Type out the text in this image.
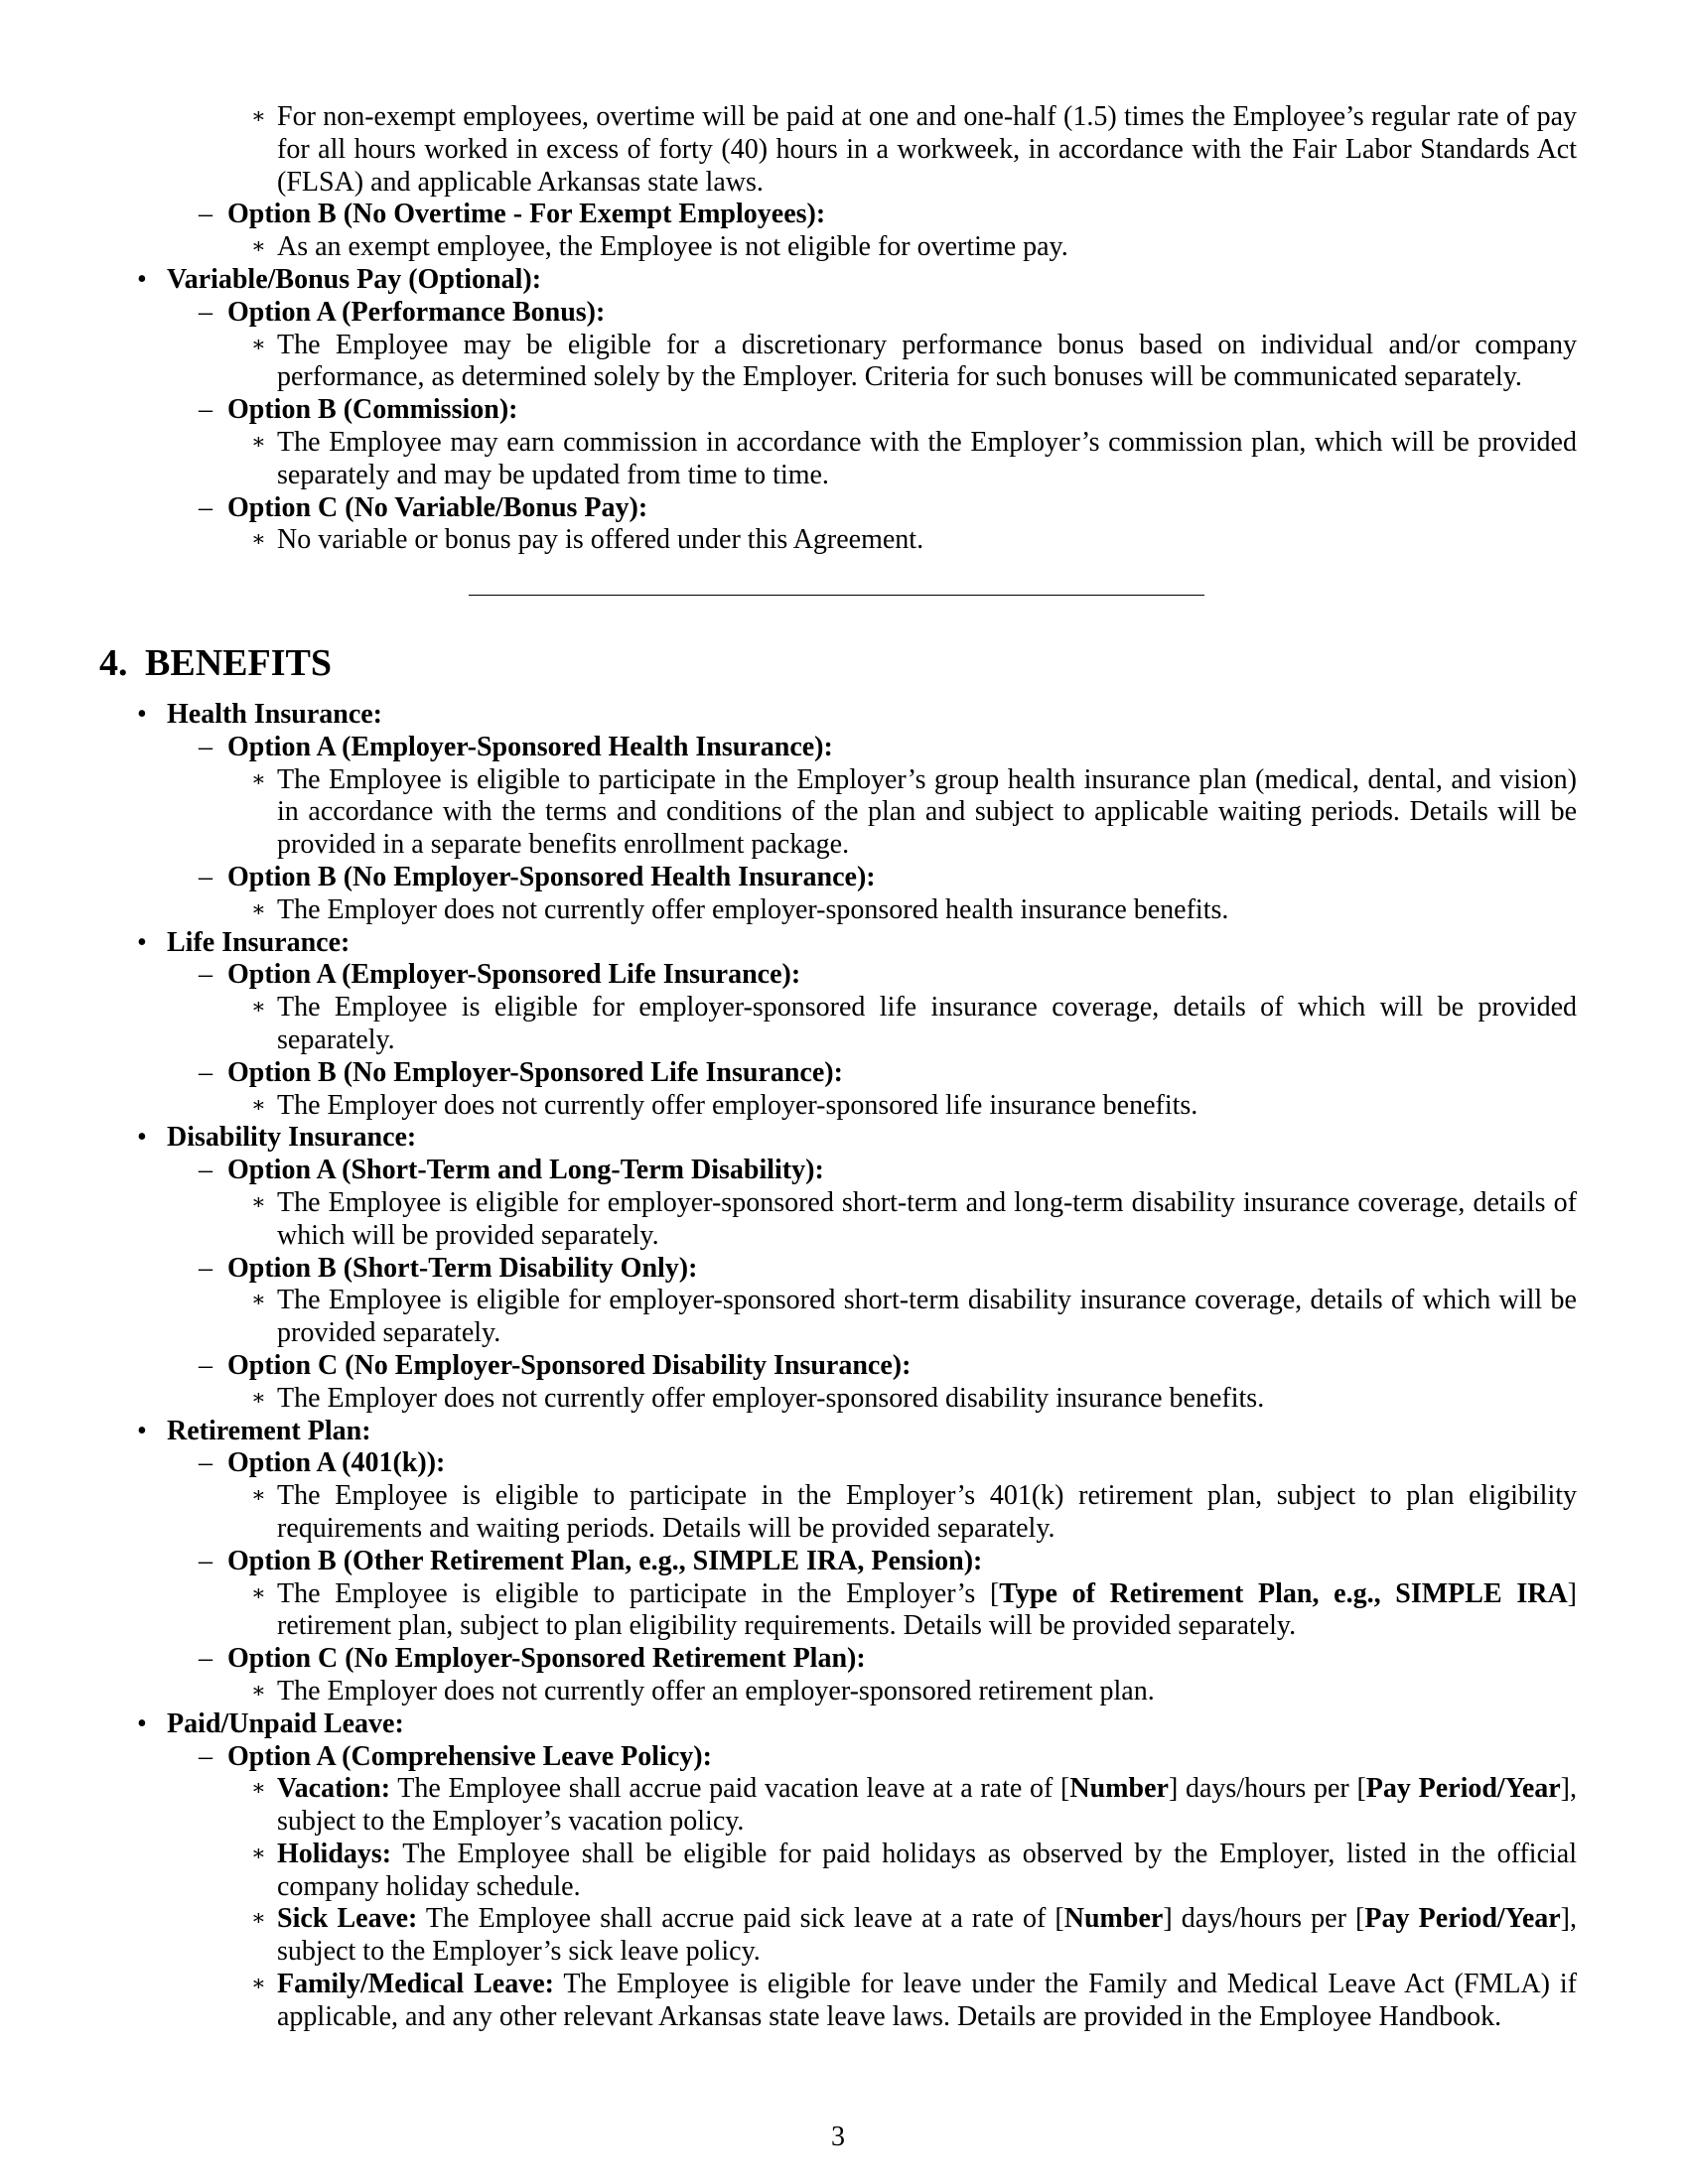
∗ For non-exempt employees, overtime will be paid at one and one-half (1.5) times the Employee’s regular rate of pay for all hours worked in excess of forty (40) hours in a workweek, in accordance with the Fair Labor Standards Act (FLSA) and applicable Arkansas state laws.
– Option B (No Overtime - For Exempt Employees):
∗ As an exempt employee, the Employee is not eligible for overtime pay.
• Variable/Bonus Pay (Optional):
– Option A (Performance Bonus):
∗ The Employee may be eligible for a discretionary performance bonus based on individual and/or company performance, as determined solely by the Employer. Criteria for such bonuses will be communicated separately.
– Option B (Commission):
∗ The Employee may earn commission in accordance with the Employer’s commission plan, which will be provided separately and may be updated from time to time.
– Option C (No Variable/Bonus Pay):
∗ No variable or bonus pay is offered under this Agreement.
4. BENEFITS
• Health Insurance:
– Option A (Employer-Sponsored Health Insurance):
∗ The Employee is eligible to participate in the Employer’s group health insurance plan (medical, dental, and vision) in accordance with the terms and conditions of the plan and subject to applicable waiting periods. Details will be provided in a separate benefits enrollment package.
– Option B (No Employer-Sponsored Health Insurance):
∗ The Employer does not currently offer employer-sponsored health insurance benefits.
• Life Insurance:
– Option A (Employer-Sponsored Life Insurance):
∗ The Employee is eligible for employer-sponsored life insurance coverage, details of which will be provided separately.
– Option B (No Employer-Sponsored Life Insurance):
∗ The Employer does not currently offer employer-sponsored life insurance benefits.
• Disability Insurance:
– Option A (Short-Term and Long-Term Disability):
∗ The Employee is eligible for employer-sponsored short-term and long-term disability insurance coverage, details of which will be provided separately.
– Option B (Short-Term Disability Only):
∗ The Employee is eligible for employer-sponsored short-term disability insurance coverage, details of which will be provided separately.
– Option C (No Employer-Sponsored Disability Insurance):
∗ The Employer does not currently offer employer-sponsored disability insurance benefits.
• Retirement Plan:
– Option A (401(k)):
∗ The Employee is eligible to participate in the Employer’s 401(k) retirement plan, subject to plan eligibility requirements and waiting periods. Details will be provided separately.
– Option B (Other Retirement Plan, e.g., SIMPLE IRA, Pension):
∗ The Employee is eligible to participate in the Employer’s [Type of Retirement Plan, e.g., SIMPLE IRA] retirement plan, subject to plan eligibility requirements. Details will be provided separately.
– Option C (No Employer-Sponsored Retirement Plan):
∗ The Employer does not currently offer an employer-sponsored retirement plan.
• Paid/Unpaid Leave:
– Option A (Comprehensive Leave Policy):
∗ Vacation: The Employee shall accrue paid vacation leave at a rate of [Number] days/hours per [Pay Period/Year], subject to the Employer’s vacation policy.
∗ Holidays: The Employee shall be eligible for paid holidays as observed by the Employer, listed in the official company holiday schedule.
∗ Sick Leave: The Employee shall accrue paid sick leave at a rate of [Number] days/hours per [Pay Period/Year], subject to the Employer’s sick leave policy.
∗ Family/Medical Leave: The Employee is eligible for leave under the Family and Medical Leave Act (FMLA) if applicable, and any other relevant Arkansas state leave laws. Details are provided in the Employee Handbook.
3
